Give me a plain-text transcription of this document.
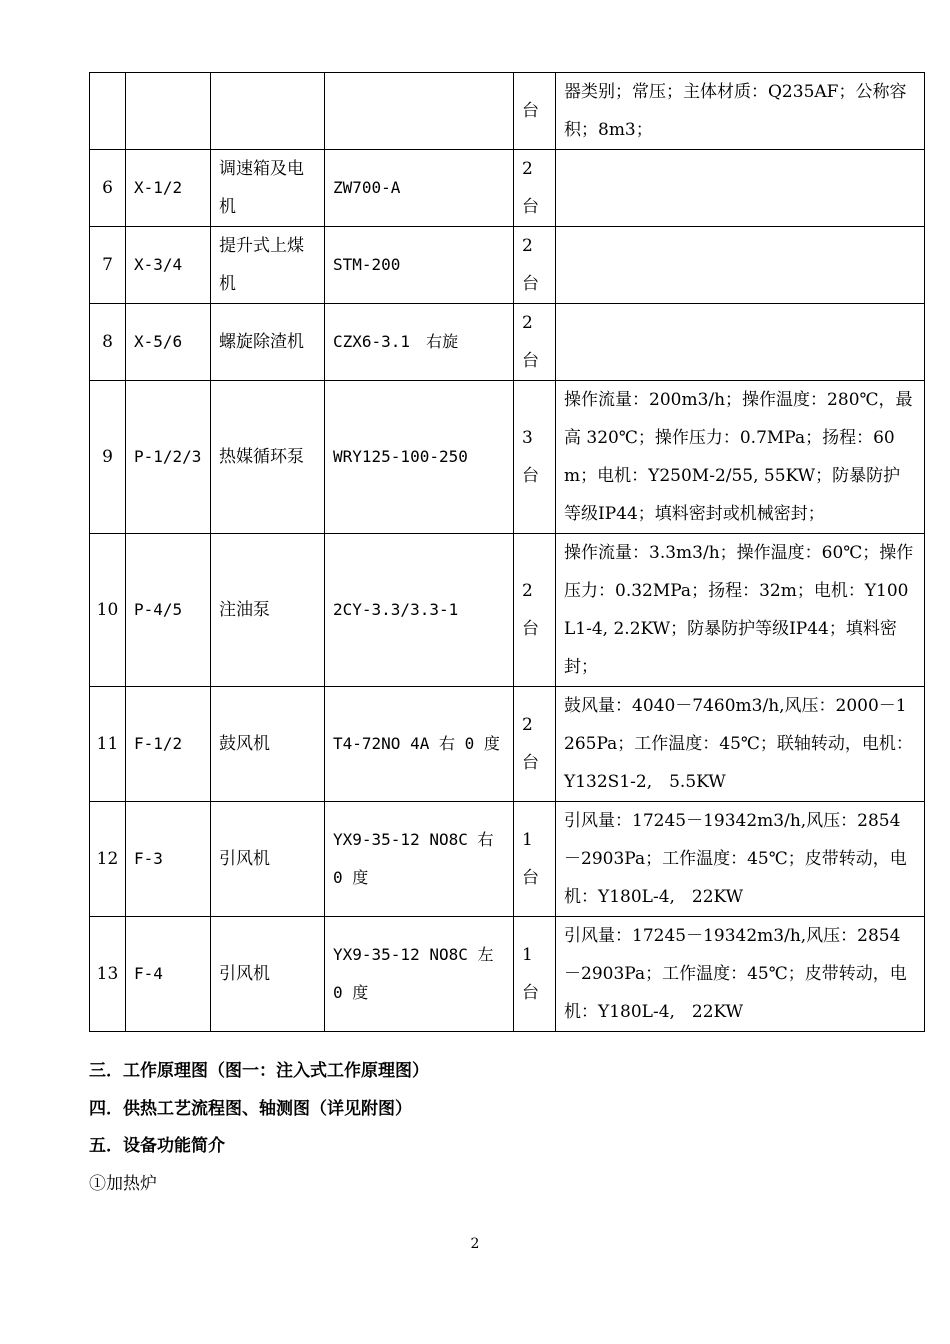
				台	器类别；常压；主体材质：Q235AF；公称容积；8m3；
6	X-1/2	调速箱及电机	ZW700-A	2台	
7	X-3/4	提升式上煤机	STM-200	2台	
8	X-5/6	螺旋除渣机	CZX6-3.1　右旋	2台	
9	P-1/2/3	热媒循环泵	WRY125-100-250	3台	操作流量：200m3/h；操作温度：280℃，最高 320℃；操作压力：0.7MPa；扬程：60m；电机：Y250M-2/55, 55KW；防暴防护等级IP44；填料密封或机械密封；
10	P-4/5	注油泵	2CY-3.3/3.3-1	2台	操作流量：3.3m3/h；操作温度：60℃；操作压力：0.32MPa；扬程：32m；电机：Y100L1-4, 2.2KW；防暴防护等级IP44；填料密封；
11	F-1/2	鼓风机	T4-72NO 4A 右 0 度	2台	鼓风量：4040－7460m3/h,风压：2000－1265Pa；工作温度：45℃；联轴转动，电机：Y132S1-2,　5.5KW
12	F-3	引风机	YX9-35-12 NO8C 右 0 度	1台	引风量：17245－19342m3/h,风压：2854－2903Pa；工作温度：45℃；皮带转动，电机：Y180L-4,　22KW
13	F-4	引风机	YX9-35-12 NO8C 左 0 度	1台	引风量：17245－19342m3/h,风压：2854－2903Pa；工作温度：45℃；皮带转动，电机：Y180L-4,　22KW

三．工作原理图（图一：注入式工作原理图）

四．供热工艺流程图、轴测图（详见附图）

五．设备功能简介

①加热炉

2
